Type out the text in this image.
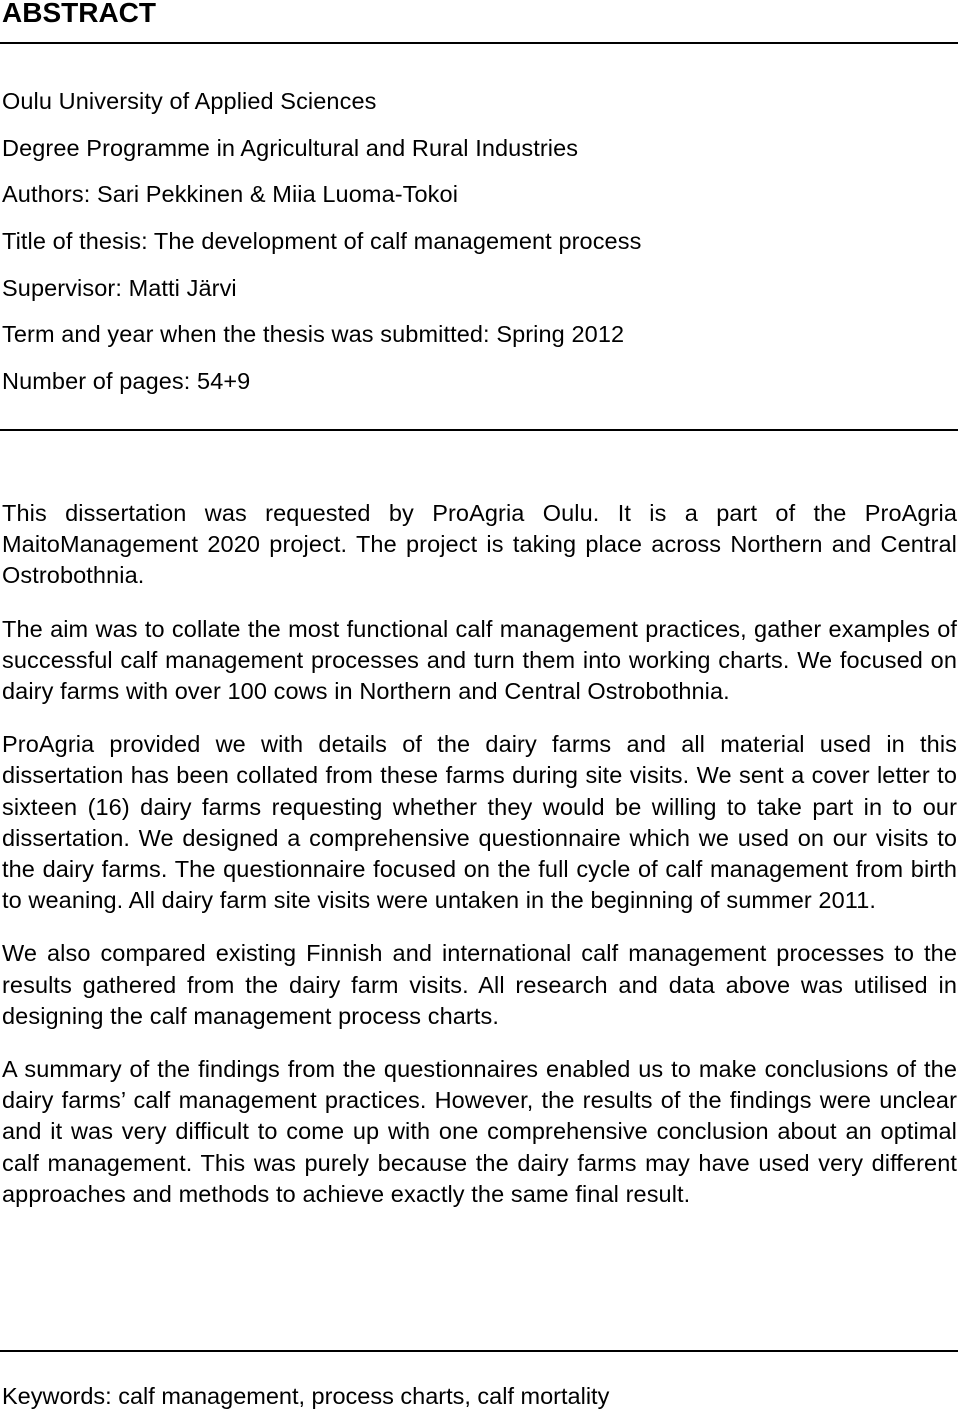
ABSTRACT
Oulu University of Applied Sciences
Degree Programme in Agricultural and Rural Industries
Authors: Sari Pekkinen & Miia Luoma-Tokoi
Title of thesis: The development of calf management process
Supervisor: Matti Järvi
Term and year when the thesis was submitted: Spring 2012
Number of pages: 54+9

This dissertation was requested by ProAgria Oulu. It is a part of the ProAgria MaitoManagement 2020 project. The project is taking place across Northern and Central Ostrobothnia.

The aim was to collate the most functional calf management practices, gather examples of successful calf management processes and turn them into working charts. We focused on dairy farms with over 100 cows in Northern and Central Ostrobothnia.

ProAgria provided we with details of the dairy farms and all material used in this dissertation has been collated from these farms during site visits. We sent a cover letter to sixteen (16) dairy farms requesting whether they would be willing to take part in to our dissertation. We designed a comprehensive questionnaire which we used on our visits to the dairy farms. The questionnaire focused on the full cycle of calf management from birth to weaning. All dairy farm site visits were untaken in the beginning of summer 2011.

We also compared existing Finnish and international calf management processes to the results gathered from the dairy farm visits. All research and data above was utilised in designing the calf management process charts.

A summary of the findings from the questionnaires enabled us to make conclusions of the dairy farms’ calf management practices. However, the results of the findings were unclear and it was very difficult to come up with one comprehensive conclusion about an optimal calf management. This was purely because the dairy farms may have used very different approaches and methods to achieve exactly the same final result.

Keywords: calf management, process charts, calf mortality
